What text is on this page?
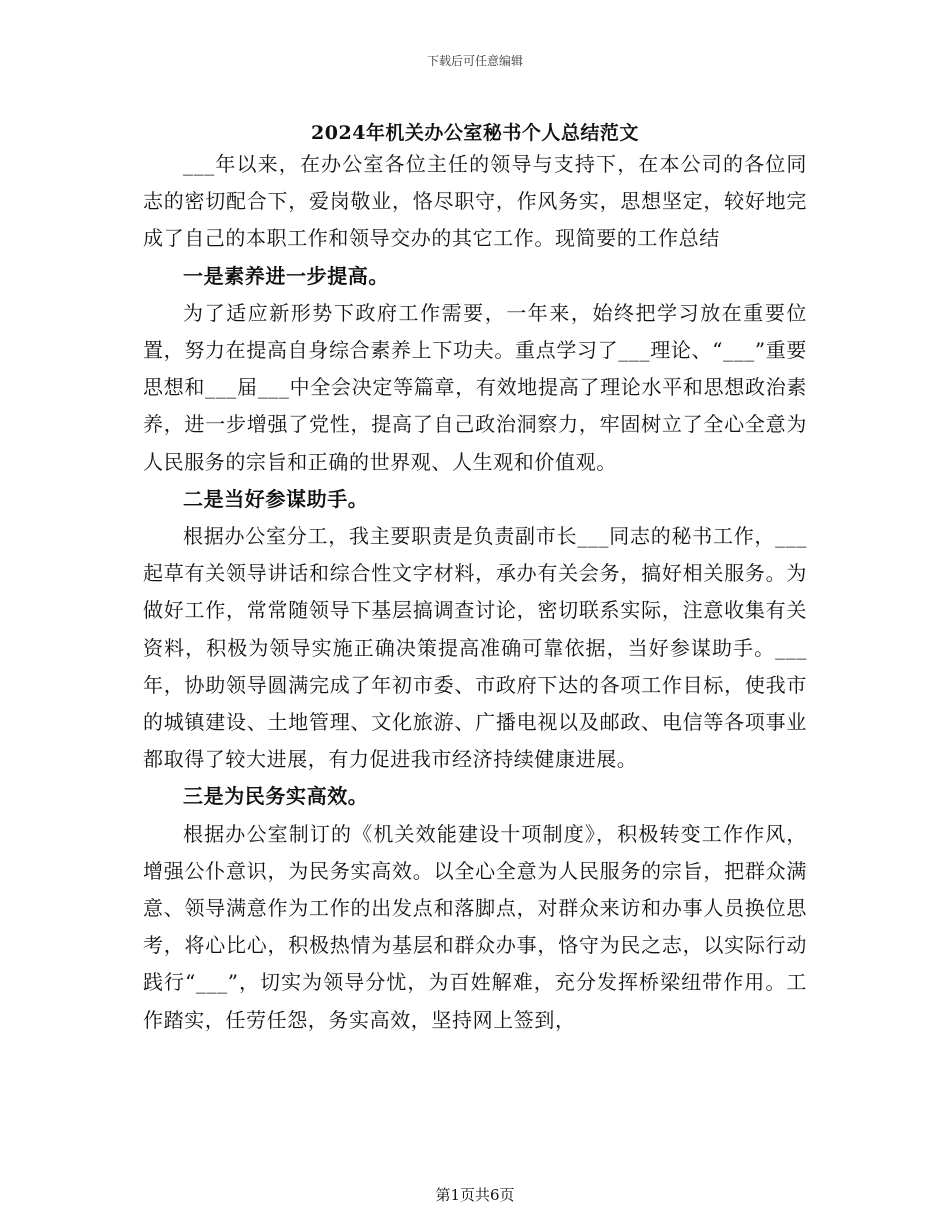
下载后可任意编辑
2024年机关办公室秘书个人总结范文

___年以来，在办公室各位主任的领导与支持下，在本公司的各位同志的密切配合下，爱岗敬业，恪尽职守，作风务实，思想坚定，较好地完成了自己的本职工作和领导交办的其它工作。现简要的工作总结

一是素养进一步提高。

为了适应新形势下政府工作需要，一年来，始终把学习放在重要位置，努力在提高自身综合素养上下功夫。重点学习了___理论、“___”重要思想和___届___中全会决定等篇章，有效地提高了理论水平和思想政治素养，进一步增强了党性，提高了自己政治洞察力，牢固树立了全心全意为人民服务的宗旨和正确的世界观、人生观和价值观。

二是当好参谋助手。

根据办公室分工，我主要职责是负责副市长___同志的秘书工作，___起草有关领导讲话和综合性文字材料，承办有关会务，搞好相关服务。为做好工作，常常随领导下基层搞调查讨论，密切联系实际，注意收集有关资料，积极为领导实施正确决策提高准确可靠依据，当好参谋助手。___年，协助领导圆满完成了年初市委、市政府下达的各项工作目标，使我市的城镇建设、土地管理、文化旅游、广播电视以及邮政、电信等各项事业都取得了较大进展，有力促进我市经济持续健康进展。

三是为民务实高效。

根据办公室制订的《机关效能建设十项制度》，积极转变工作作风，增强公仆意识，为民务实高效。以全心全意为人民服务的宗旨，把群众满意、领导满意作为工作的出发点和落脚点，对群众来访和办事人员换位思考，将心比心，积极热情为基层和群众办事，恪守为民之志，以实际行动践行“___”，切实为领导分忧，为百姓解难，充分发挥桥梁纽带作用。工作踏实，任劳任怨，务实高效，坚持网上签到，

第1页共6页
